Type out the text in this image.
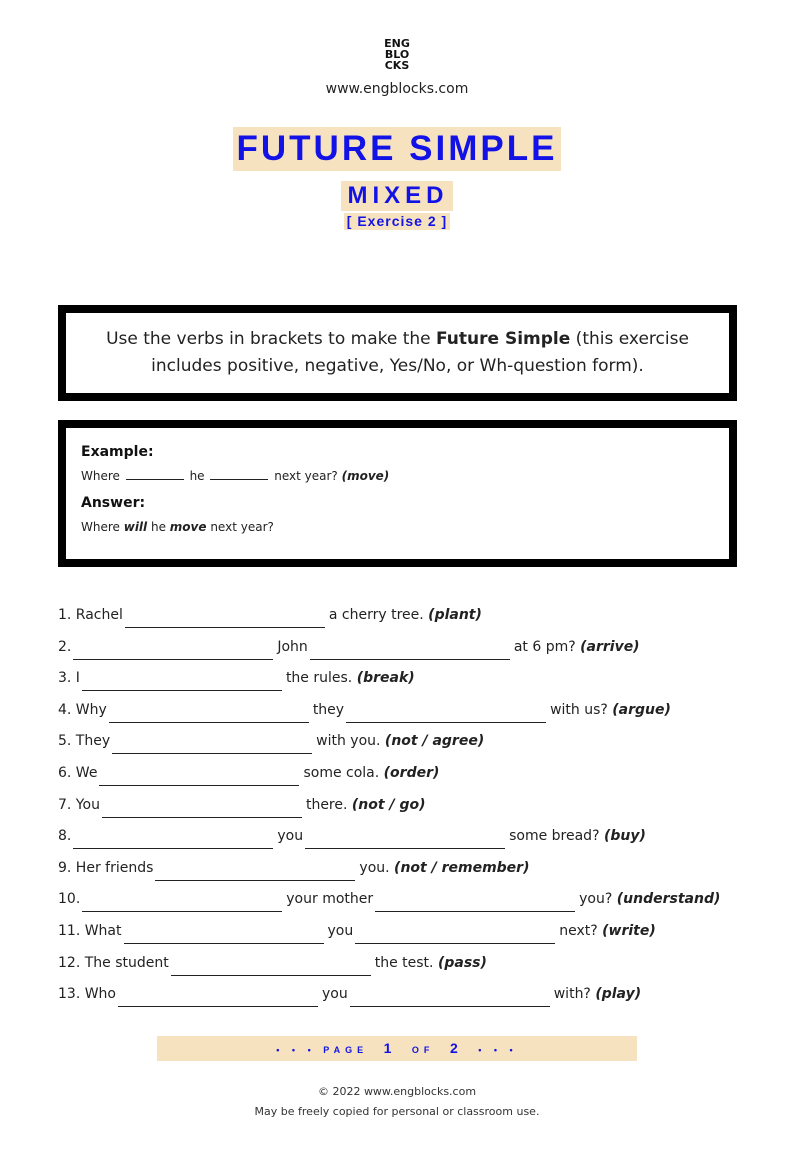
ENG
BLO
CKS
www.engblocks.com
FUTURE SIMPLE
MIXED
[ Exercise 2 ]
Use the verbs in brackets to make the Future Simple (this exercise includes positive, negative, Yes/No, or Wh-question form).
Example:
Where	he	next year? (move)
Answer:
Where will he move next year?
1. Rachel	a cherry tree. (plant)
2.	John	at 6 pm? (arrive)
3. I	the rules. (break)
4. Why	they	with us? (argue)
5. They	with you. (not / agree)
6. We	some cola. (order)
7. You	there. (not / go)
8.	you	some bread? (buy)
9. Her friends	you. (not / remember)
10.	your mother	you? (understand)
11. What	you	next? (write)
12. The student	the test. (pass)
13. Who	you	with? (play)
• • • PAGE 1 OF 2 • • •
© 2022 www.engblocks.com
May be freely copied for personal or classroom use.
